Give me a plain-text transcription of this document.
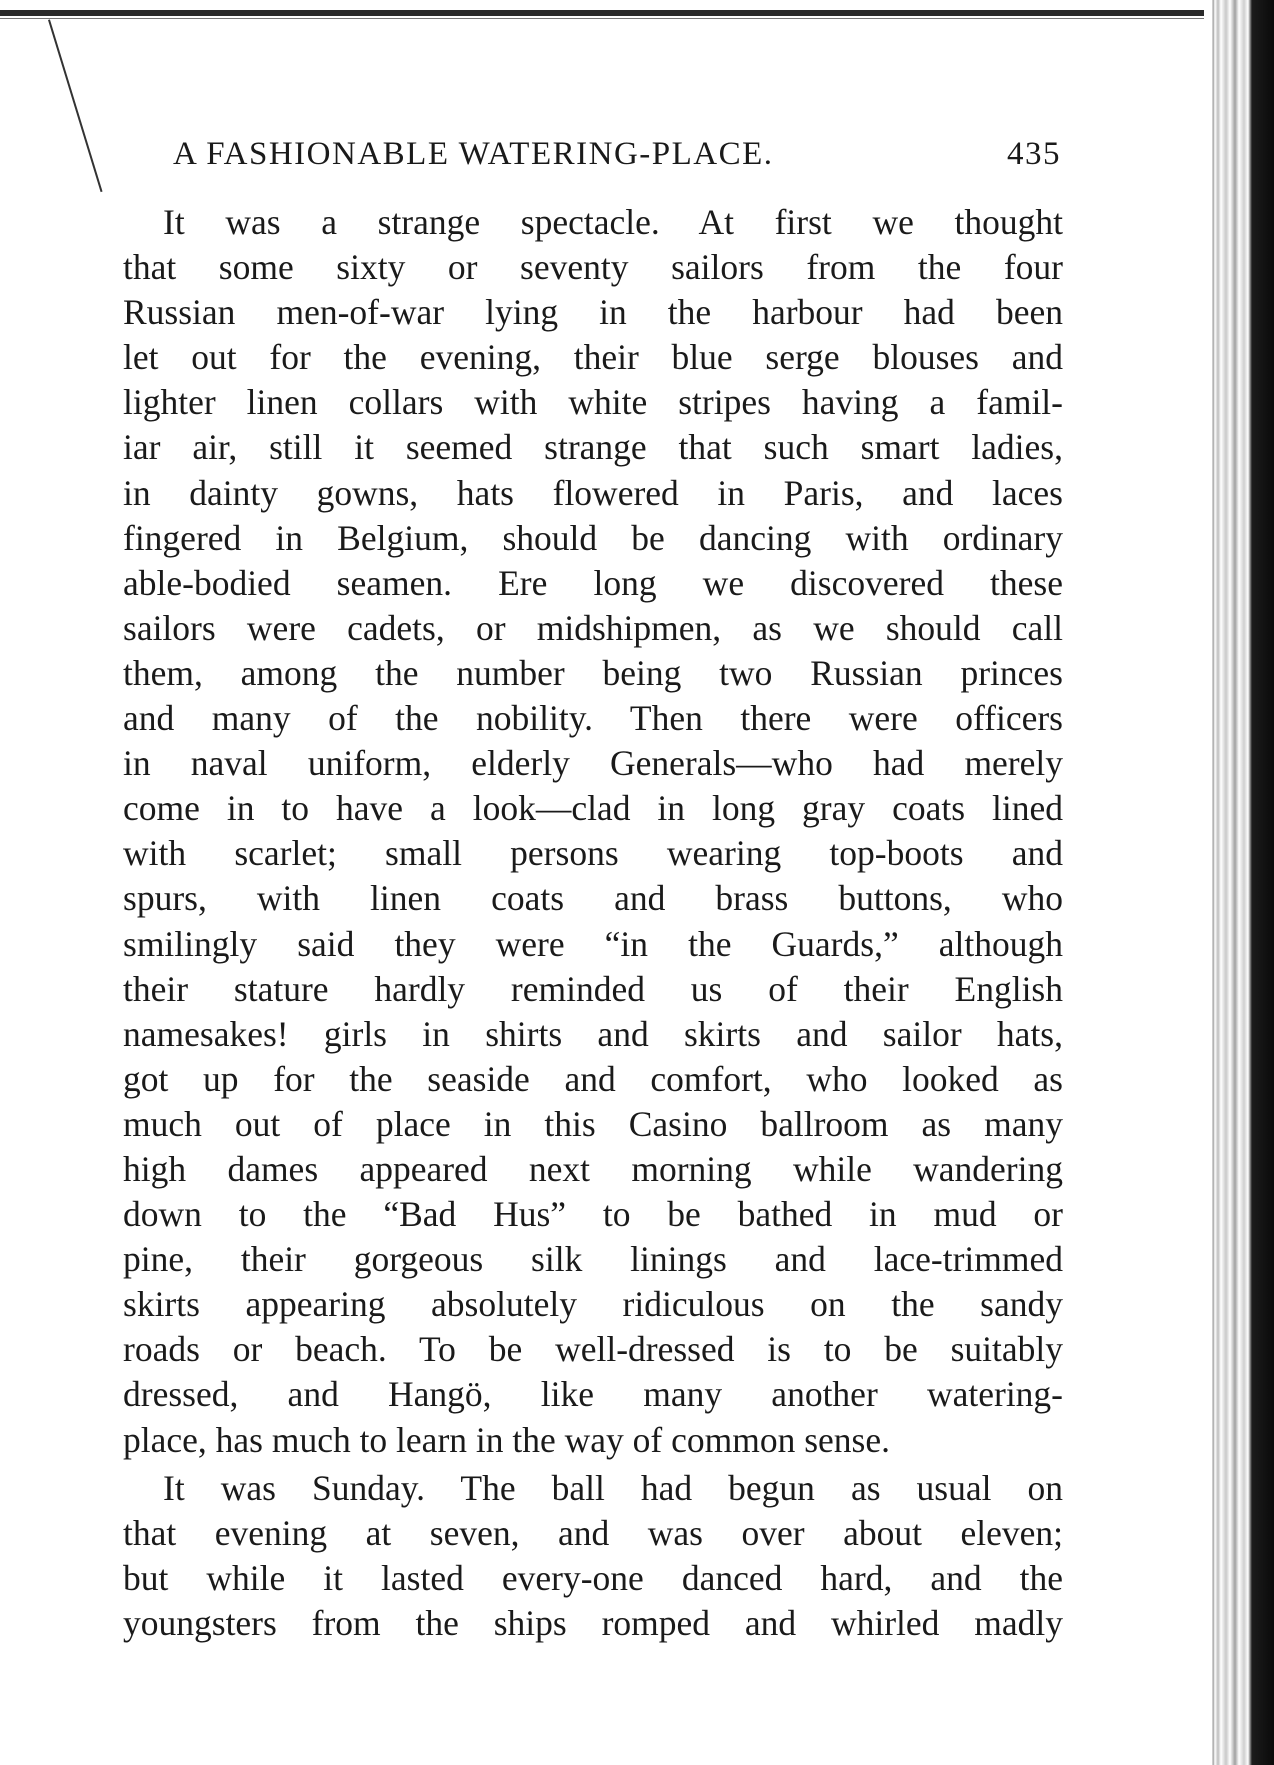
A FASHIONABLE WATERING-PLACE.	435
It was a strange spectacle. At first we thought
that some sixty or seventy sailors from the four
Russian men-of-war lying in the harbour had been
let out for the evening, their blue serge blouses and
lighter linen collars with white stripes having a famil-
iar air, still it seemed strange that such smart ladies,
in dainty gowns, hats flowered in Paris, and laces
fingered in Belgium, should be dancing with ordinary
able-bodied seamen. Ere long we discovered these
sailors were cadets, or midshipmen, as we should call
them, among the number being two Russian princes
and many of the nobility. Then there were officers
in naval uniform, elderly Generals—who had merely
come in to have a look—clad in long gray coats lined
with scarlet; small persons wearing top-boots and
spurs, with linen coats and brass buttons, who
smilingly said they were “in the Guards,” although
their stature hardly reminded us of their English
namesakes! girls in shirts and skirts and sailor hats,
got up for the seaside and comfort, who looked as
much out of place in this Casino ballroom as many
high dames appeared next morning while wandering
down to the “Bad Hus” to be bathed in mud or
pine, their gorgeous silk linings and lace-trimmed
skirts appearing absolutely ridiculous on the sandy
roads or beach. To be well-dressed is to be suitably
dressed, and Hangö, like many another watering-
place, has much to learn in the way of common sense.
It was Sunday. The ball had begun as usual on
that evening at seven, and was over about eleven;
but while it lasted every-one danced hard, and the
youngsters from the ships romped and whirled madly
